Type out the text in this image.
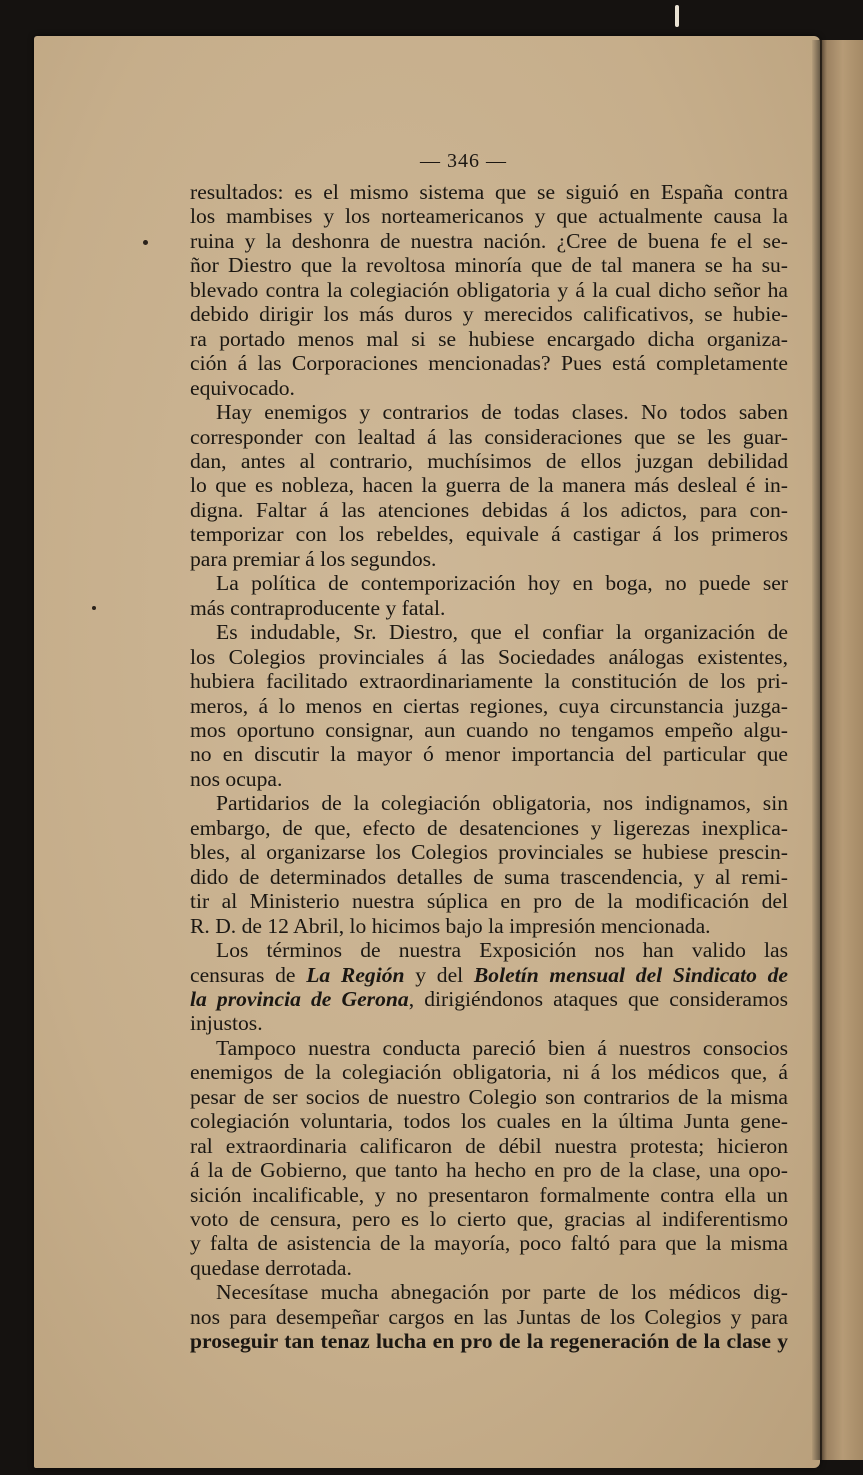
— 346 —
resultados: es el mismo sistema que se siguió en España contra
los mambises y los norteamericanos y que actualmente causa la
ruina y la deshonra de nuestra nación. ¿Cree de buena fe el se-
ñor Diestro que la revoltosa minoría que de tal manera se ha su-
blevado contra la colegiación obligatoria y á la cual dicho señor ha
debido dirigir los más duros y merecidos calificativos, se hubie-
ra portado menos mal si se hubiese encargado dicha organiza-
ción á las Corporaciones mencionadas? Pues está completamente
equivocado.
Hay enemigos y contrarios de todas clases. No todos saben
corresponder con lealtad á las consideraciones que se les guar-
dan, antes al contrario, muchísimos de ellos juzgan debilidad
lo que es nobleza, hacen la guerra de la manera más desleal é in-
digna. Faltar á las atenciones debidas á los adictos, para con-
temporizar con los rebeldes, equivale á castigar á los primeros
para premiar á los segundos.
La política de contemporización hoy en boga, no puede ser
más contraproducente y fatal.
Es indudable, Sr. Diestro, que el confiar la organización de
los Colegios provinciales á las Sociedades análogas existentes,
hubiera facilitado extraordinariamente la constitución de los pri-
meros, á lo menos en ciertas regiones, cuya circunstancia juzga-
mos oportuno consignar, aun cuando no tengamos empeño algu-
no en discutir la mayor ó menor importancia del particular que
nos ocupa.
Partidarios de la colegiación obligatoria, nos indignamos, sin
embargo, de que, efecto de desatenciones y ligerezas inexplica-
bles, al organizarse los Colegios provinciales se hubiese prescin-
dido de determinados detalles de suma trascendencia, y al remi-
tir al Ministerio nuestra súplica en pro de la modificación del
R. D. de 12 Abril, lo hicimos bajo la impresión mencionada.
Los términos de nuestra Exposición nos han valido las
censuras de La Región y del Boletín mensual del Sindicato de
la provincia de Gerona, dirigiéndonos ataques que consideramos
injustos.
Tampoco nuestra conducta pareció bien á nuestros consocios
enemigos de la colegiación obligatoria, ni á los médicos que, á
pesar de ser socios de nuestro Colegio son contrarios de la misma
colegiación voluntaria, todos los cuales en la última Junta gene-
ral extraordinaria calificaron de débil nuestra protesta; hicieron
á la de Gobierno, que tanto ha hecho en pro de la clase, una opo-
sición incalificable, y no presentaron formalmente contra ella un
voto de censura, pero es lo cierto que, gracias al indiferentismo
y falta de asistencia de la mayoría, poco faltó para que la misma
quedase derrotada.
Necesítase mucha abnegación por parte de los médicos dig-
nos para desempeñar cargos en las Juntas de los Colegios y para
proseguir tan tenaz lucha en pro de la regeneración de la clase y
